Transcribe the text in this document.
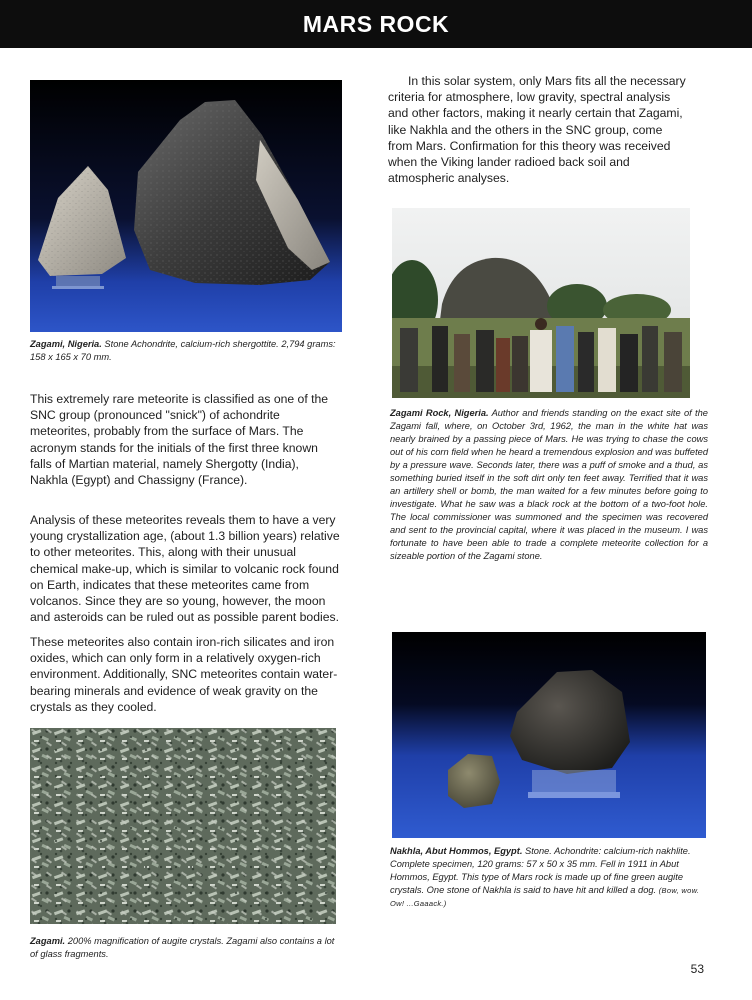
MARS ROCK
Zagami, Nigeria. Stone Achondrite, calcium-rich shergottite. 2,794 grams: 158 x 165 x 70 mm.

This extremely rare meteorite is classified as one of the SNC group (pronounced "snick") of achondrite meteorites, probably from the surface of Mars. The acronym stands for the initials of the first three known falls of Martian material, namely Shergotty (India), Nakhla (Egypt) and Chassigny (France).

Analysis of these meteorites reveals them to have a very young crystallization age, (about 1.3 billion years) relative to other meteorites. This, along with their unusual chemical make-up, which is similar to volcanic rock found on Earth, indicates that these meteorites came from volcanos. Since they are so young, however, the moon and asteroids can be ruled out as possible parent bodies.

These meteorites also contain iron-rich silicates and iron oxides, which can only form in a relatively oxygen-rich environment. Additionally, SNC meteorites contain water-bearing minerals and evidence of weak gravity on the crystals as they cooled.

Zagami. 200% magnification of augite crystals. Zagami also contains a lot of glass fragments.

In this solar system, only Mars fits all the necessary criteria for atmosphere, low gravity, spectral analysis and other factors, making it nearly certain that Zagami, like Nakhla and the others in the SNC group, come from Mars. Confirmation for this theory was received when the Viking lander radioed back soil and atmospheric analyses.

Zagami Rock, Nigeria. Author and friends standing on the exact site of the Zagami fall, where, on October 3rd, 1962, the man in the white hat was nearly brained by a passing piece of Mars. He was trying to chase the cows out of his corn field when he heard a tremendous explosion and was buffeted by a pressure wave. Seconds later, there was a puff of smoke and a thud, as something buried itself in the soft dirt only ten feet away. Terrified that it was an artillery shell or bomb, the man waited for a few minutes before going to investigate. What he saw was a black rock at the bottom of a two-foot hole. The local commissioner was summoned and the specimen was recovered and sent to the provincial capital, where it was placed in the museum. I was fortunate to have been able to trade a complete meteorite collection for a sizeable portion of the Zagami stone.
Nakhla, Abut Hommos, Egypt. Stone. Achondrite: calcium-rich nakhlite. Complete specimen, 120 grams: 57 x 50 x 35 mm. Fell in 1911 in Abut Hommos, Egypt. This type of Mars rock is made up of fine green augite crystals. One stone of Nakhla is said to have hit and killed a dog. (Bow, wow. Ow! ...Gaaack.)
53
